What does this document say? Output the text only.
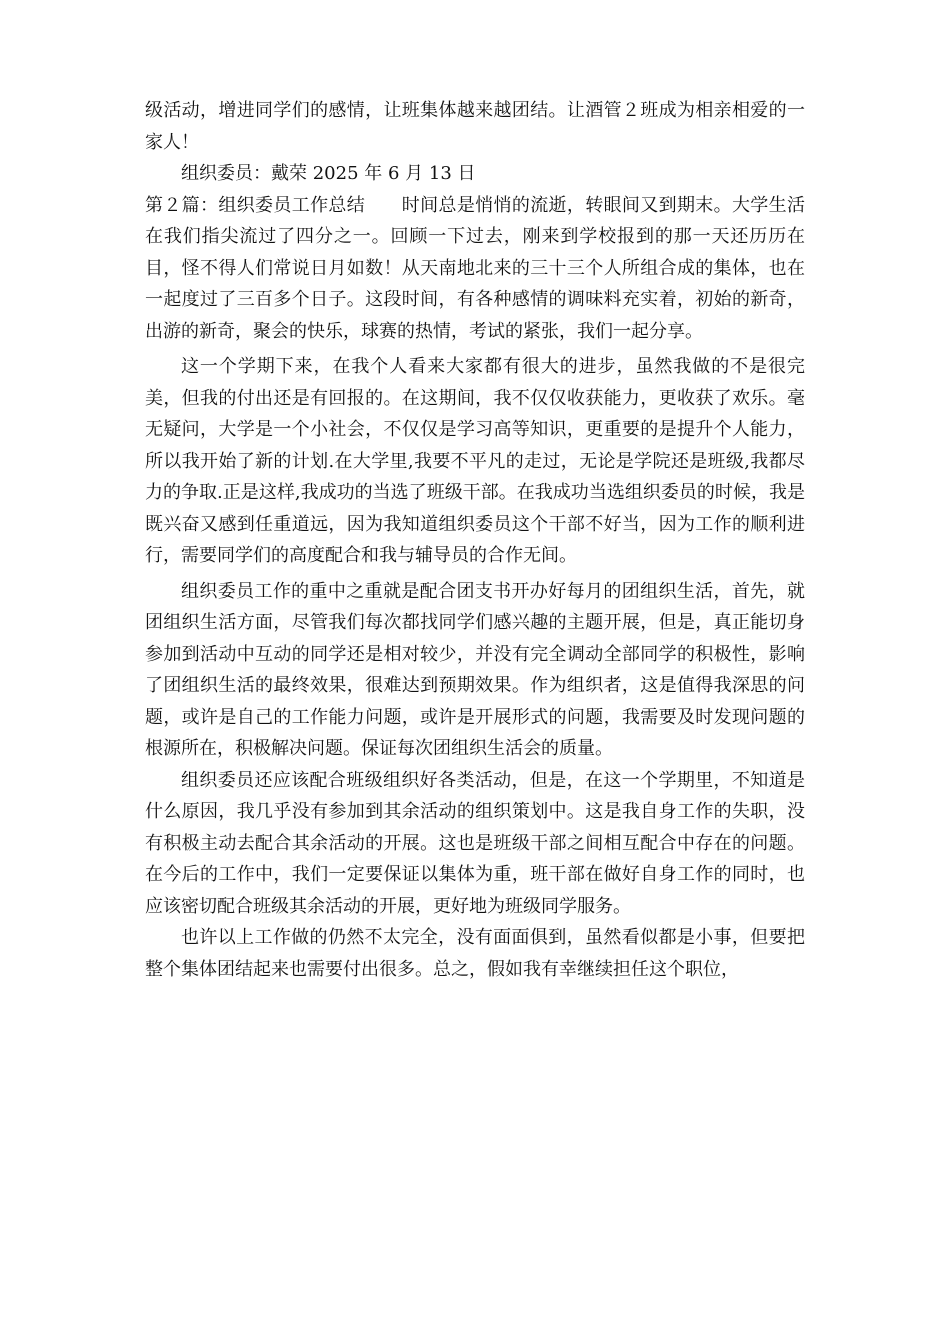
级活动，增进同学们的感情，让班集体越来越团结。让酒管２班成为相亲相爱的一家人！

组织委员：戴荣 2025 年 6 月 13 日

第２篇：组织委员工作总结　　时间总是悄悄的流逝，转眼间又到期末。大学生活在我们指尖流过了四分之一。回顾一下过去，刚来到学校报到的那一天还历历在目，怪不得人们常说日月如数！从天南地北来的三十三个人所组合成的集体，也在一起度过了三百多个日子。这段时间，有各种感情的调味料充实着，初始的新奇，出游的新奇，聚会的快乐，球赛的热情，考试的紧张，我们一起分享。

这一个学期下来，在我个人看来大家都有很大的进步，虽然我做的不是很完美，但我的付出还是有回报的。在这期间，我不仅仅收获能力，更收获了欢乐。毫无疑问，大学是一个小社会，不仅仅是学习高等知识，更重要的是提升个人能力，所以我开始了新的计划.在大学里,我要不平凡的走过，无论是学院还是班级,我都尽力的争取.正是这样,我成功的当选了班级干部。在我成功当选组织委员的时候，我是既兴奋又感到任重道远，因为我知道组织委员这个干部不好当，因为工作的顺利进行，需要同学们的高度配合和我与辅导员的合作无间。

组织委员工作的重中之重就是配合团支书开办好每月的团组织生活，首先，就团组织生活方面，尽管我们每次都找同学们感兴趣的主题开展，但是，真正能切身参加到活动中互动的同学还是相对较少，并没有完全调动全部同学的积极性，影响了团组织生活的最终效果，很难达到预期效果。作为组织者，这是值得我深思的问题，或许是自己的工作能力问题，或许是开展形式的问题，我需要及时发现问题的根源所在，积极解决问题。保证每次团组织生活会的质量。

组织委员还应该配合班级组织好各类活动，但是，在这一个学期里，不知道是什么原因，我几乎没有参加到其余活动的组织策划中。这是我自身工作的失职，没有积极主动去配合其余活动的开展。这也是班级干部之间相互配合中存在的问题。在今后的工作中，我们一定要保证以集体为重，班干部在做好自身工作的同时，也应该密切配合班级其余活动的开展，更好地为班级同学服务。

也许以上工作做的仍然不太完全，没有面面俱到，虽然看似都是小事，但要把整个集体团结起来也需要付出很多。总之，假如我有幸继续担任这个职位，
